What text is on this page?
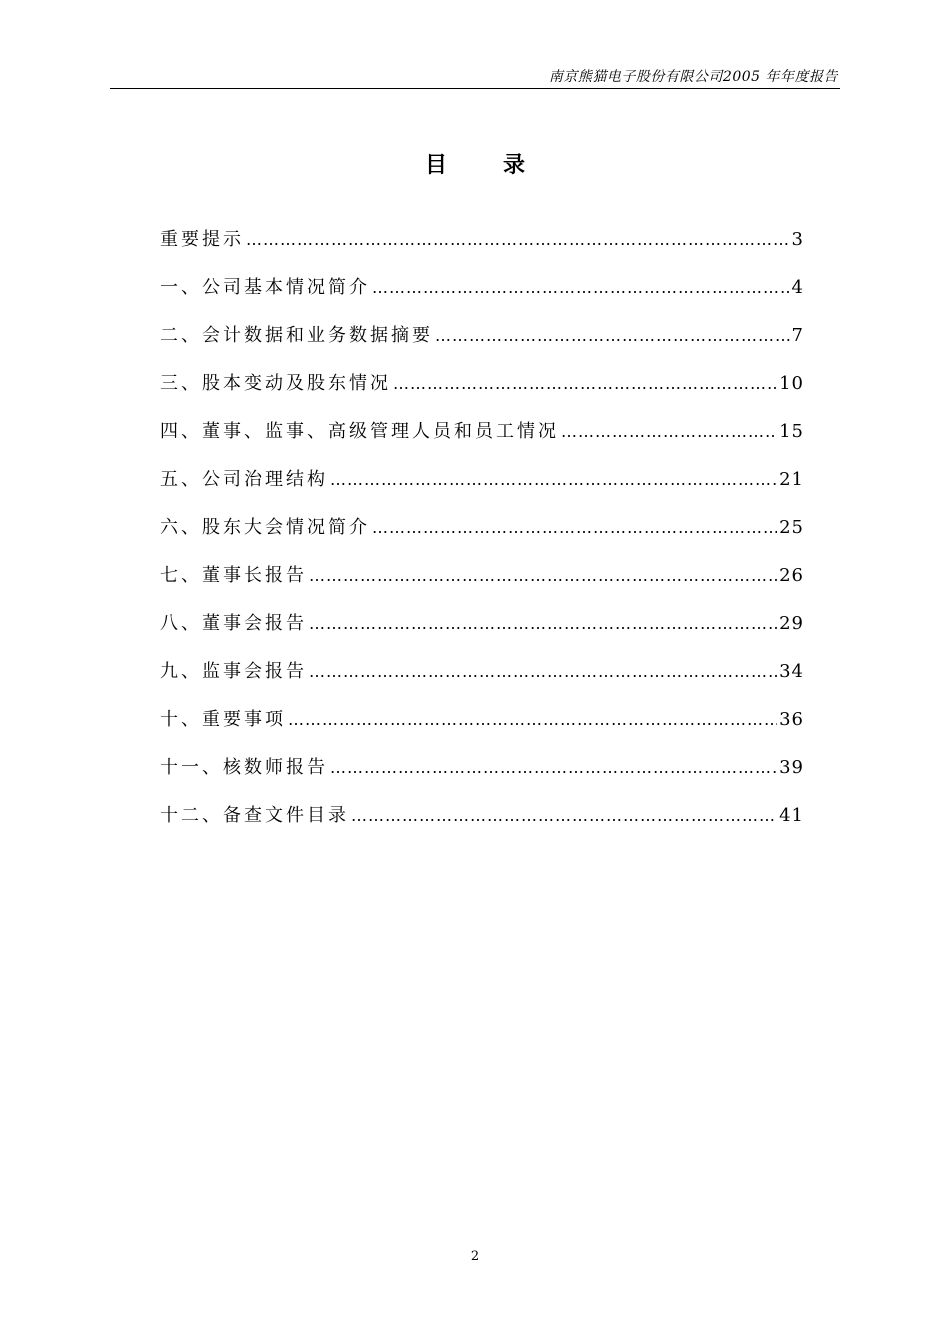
南京熊猫电子股份有限公司2005 年年度报告
目	录
重要提示 ……………………………………………………………………………………………………………………………………………………………………………………	3
一、公司基本情况简介 ……………………………………………………………………………………………………………………………………………………………………………………	4
二、会计数据和业务数据摘要 ……………………………………………………………………………………………………………………………………………………………………………………	7
三、股本变动及股东情况 ……………………………………………………………………………………………………………………………………………………………………………………	10
四、董事、监事、高级管理人员和员工情况 ……………………………………………………………………………………………………………………………………………………………………………………	15
五、公司治理结构 ……………………………………………………………………………………………………………………………………………………………………………………	21
六、股东大会情况简介 ……………………………………………………………………………………………………………………………………………………………………………………	25
七、董事长报告 ……………………………………………………………………………………………………………………………………………………………………………………	26
八、董事会报告 ……………………………………………………………………………………………………………………………………………………………………………………	29
九、监事会报告 ……………………………………………………………………………………………………………………………………………………………………………………	34
十、重要事项 ……………………………………………………………………………………………………………………………………………………………………………………	36
十一、核数师报告 ……………………………………………………………………………………………………………………………………………………………………………………	39
十二、备查文件目录 ……………………………………………………………………………………………………………………………………………………………………………………	41
2
